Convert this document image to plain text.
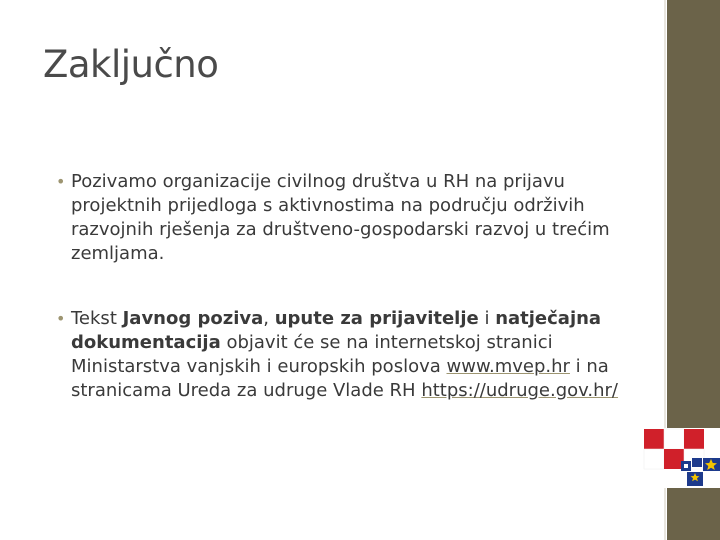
Zaključno

• Pozivamo organizacije civilnog društva u RH na prijavu projektnih prijedloga s aktivnostima na području održivih razvojnih rješenja za društveno-gospodarski razvoj u trećim zemljama.

• Tekst Javnog poziva, upute za prijavitelje i natječajna dokumentacija objavit će se na internetskoj stranici Ministarstva vanjskih i europskih poslova www.mvep.hr i na stranicama Ureda za udruge Vlade RH https://udruge.gov.hr/
